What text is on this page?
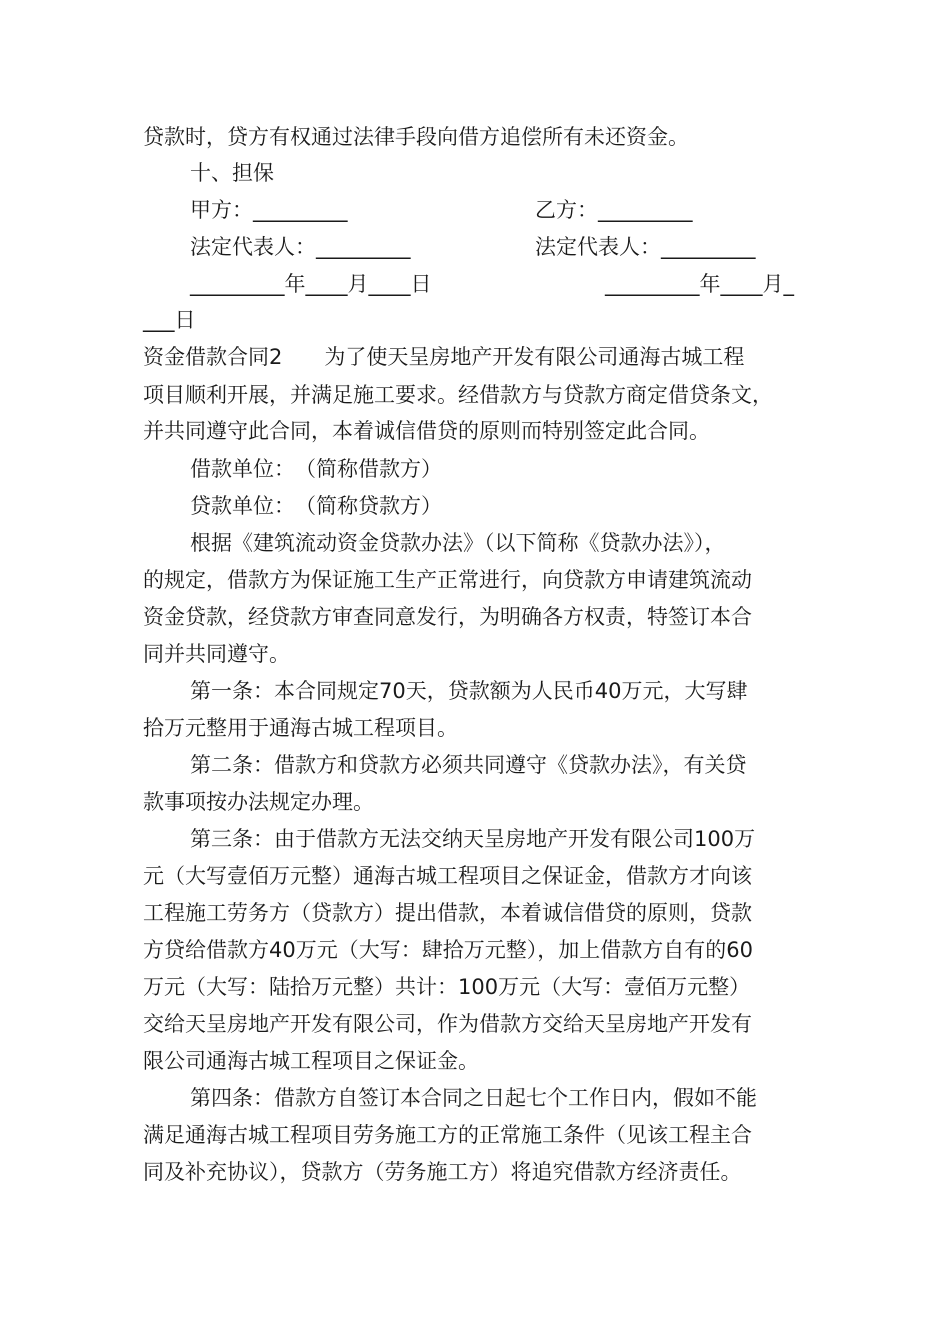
贷款时，贷方有权通过法律手段向借方追偿所有未还资金。
十、担保
甲方：_________	乙方：_________
法定代表人：_________	法定代表人：_________
_________年____月____日	_________年____月_
___日
资金借款合同2　　为了使天呈房地产开发有限公司通海古城工程
项目顺利开展，并满足施工要求。经借款方与贷款方商定借贷条文，
并共同遵守此合同，本着诚信借贷的原则而特别签定此合同。
借款单位：　（简称借款方）
贷款单位：　（简称贷款方）
根据《建筑流动资金贷款办法》（以下简称《贷款办法》），
的规定，借款方为保证施工生产正常进行，向贷款方申请建筑流动
资金贷款，经贷款方审查同意发行，为明确各方权责，特签订本合
同并共同遵守。
第一条：本合同规定70天，贷款额为人民币40万元，大写肆
拾万元整用于通海古城工程项目。
第二条：借款方和贷款方必须共同遵守《贷款办法》，有关贷
款事项按办法规定办理。
第三条：由于借款方无法交纳天呈房地产开发有限公司100万
元（大写壹佰万元整）通海古城工程项目之保证金，借款方才向该
工程施工劳务方（贷款方）提出借款，本着诚信借贷的原则，贷款
方贷给借款方40万元（大写：肆拾万元整），加上借款方自有的60
万元（大写：陆拾万元整）共计：100万元（大写：壹佰万元整）
交给天呈房地产开发有限公司，作为借款方交给天呈房地产开发有
限公司通海古城工程项目之保证金。
第四条：借款方自签订本合同之日起七个工作日内，假如不能
满足通海古城工程项目劳务施工方的正常施工条件（见该工程主合
同及补充协议），贷款方（劳务施工方）将追究借款方经济责任。
